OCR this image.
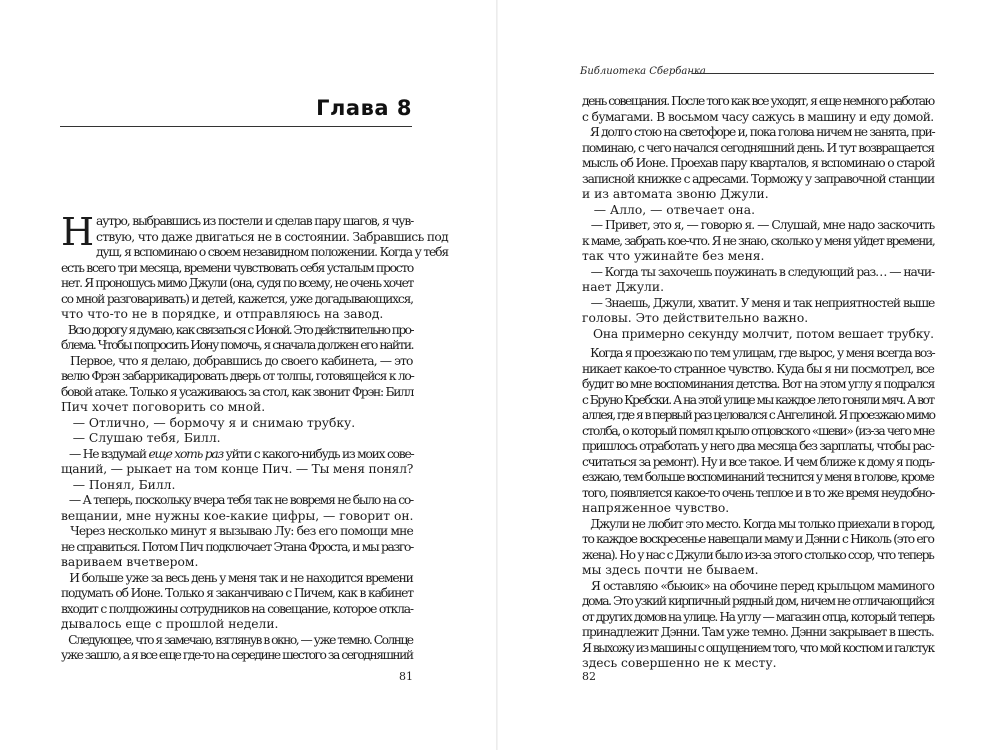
Глава 8
Наутро, выбравшись из постели и сделав пару шагов, я чув-
ствую, что даже двигаться не в состоянии. Забравшись под
душ, я вспоминаю о своем незавидном положении. Когда у тебя
есть всего три месяца, времени чувствовать себя усталым просто
нет. Я проношусь мимо Джули (она, судя по всему, не очень хочет
со мной разговаривать) и детей, кажется, уже догадывающихся,
что что-то не в порядке, и отправляюсь на завод.
Всю дорогу я думаю, как связаться с Ионой. Это действительно про-
блема. Чтобы попросить Иону помочь, я сначала должен его найти.
Первое, что я делаю, добравшись до своего кабинета, — это
велю Фрэн забаррикадировать дверь от толпы, готовящейся к ло-
бовой атаке. Только я усаживаюсь за стол, как звонит Фрэн: Билл
Пич хочет поговорить со мной.
— Отлично, — бормочу я и снимаю трубку.
— Слушаю тебя, Билл.
— Не вздумай еще хоть раз уйти с какого-нибудь из моих сове-
щаний, — рыкает на том конце Пич. — Ты меня понял?
— Понял, Билл.
— А теперь, поскольку вчера тебя так не вовремя не было на со-
вещании, мне нужны кое-какие цифры, — говорит он.
Через несколько минут я вызываю Лу: без его помощи мне
не справиться. Потом Пич подключает Этана Фроста, и мы разго-
вариваем вчетвером.
И больше уже за весь день у меня так и не находится времени
подумать об Ионе. Только я заканчиваю с Пичем, как в кабинет
входит с полдюжины сотрудников на совещание, которое откла-
дывалось еще с прошлой недели.
Следующее, что я замечаю, взглянув в окно, — уже темно. Солнце
уже зашло, а я все еще где-то на середине шестого за сегодняшний
81
Библиотека Сбербанка
день совещания. После того как все уходят, я еще немного работаю
с бумагами. В восьмом часу сажусь в машину и еду домой.
Я долго стою на светофоре и, пока голова ничем не занята, при-
поминаю, с чего начался сегодняшний день. И тут возвращается
мысль об Ионе. Проехав пару кварталов, я вспоминаю о старой
записной книжке с адресами. Торможу у заправочной станции
и из автомата звоню Джули.
— Алло, — отвечает она.
— Привет, это я, — говорю я. — Слушай, мне надо заскочить
к маме, забрать кое-что. Я не знаю, сколько у меня уйдет времени,
так что ужинайте без меня.
— Когда ты захочешь поужинать в следующий раз… — начи-
нает Джули.
— Знаешь, Джули, хватит. У меня и так неприятностей выше
головы. Это действительно важно.
Она примерно секунду молчит, потом вешает трубку.
Когда я проезжаю по тем улицам, где вырос, у меня всегда воз-
никает какое-то странное чувство. Куда бы я ни посмотрел, все
будит во мне воспоминания детства. Вот на этом углу я подрался
с Бруно Кребски. А на этой улице мы каждое лето гоняли мяч. А вот
аллея, где я в первый раз целовался с Ангелиной. Я проезжаю мимо
столба, о который помял крыло отцовского «шеви» (из-за чего мне
пришлось отработать у него два месяца без зарплаты, чтобы рас-
считаться за ремонт). Ну и все такое. И чем ближе к дому я подъ-
езжаю, тем больше воспоминаний теснится у меня в голове, кроме
того, появляется какое-то очень теплое и в то же время неудобно-
напряженное чувство.
Джули не любит это место. Когда мы только приехали в город,
то каждое воскресенье навещали маму и Дэнни с Николь (это его
жена). Но у нас с Джули было из-за этого столько ссор, что теперь
мы здесь почти не бываем.
Я оставляю «бьюик» на обочине перед крыльцом маминого
дома. Это узкий кирпичный рядный дом, ничем не отличающийся
от других домов на улице. На углу — магазин отца, который теперь
принадлежит Дэнни. Там уже темно. Дэнни закрывает в шесть.
Я выхожу из машины с ощущением того, что мой костюм и галстук
здесь совершенно не к месту.
82
